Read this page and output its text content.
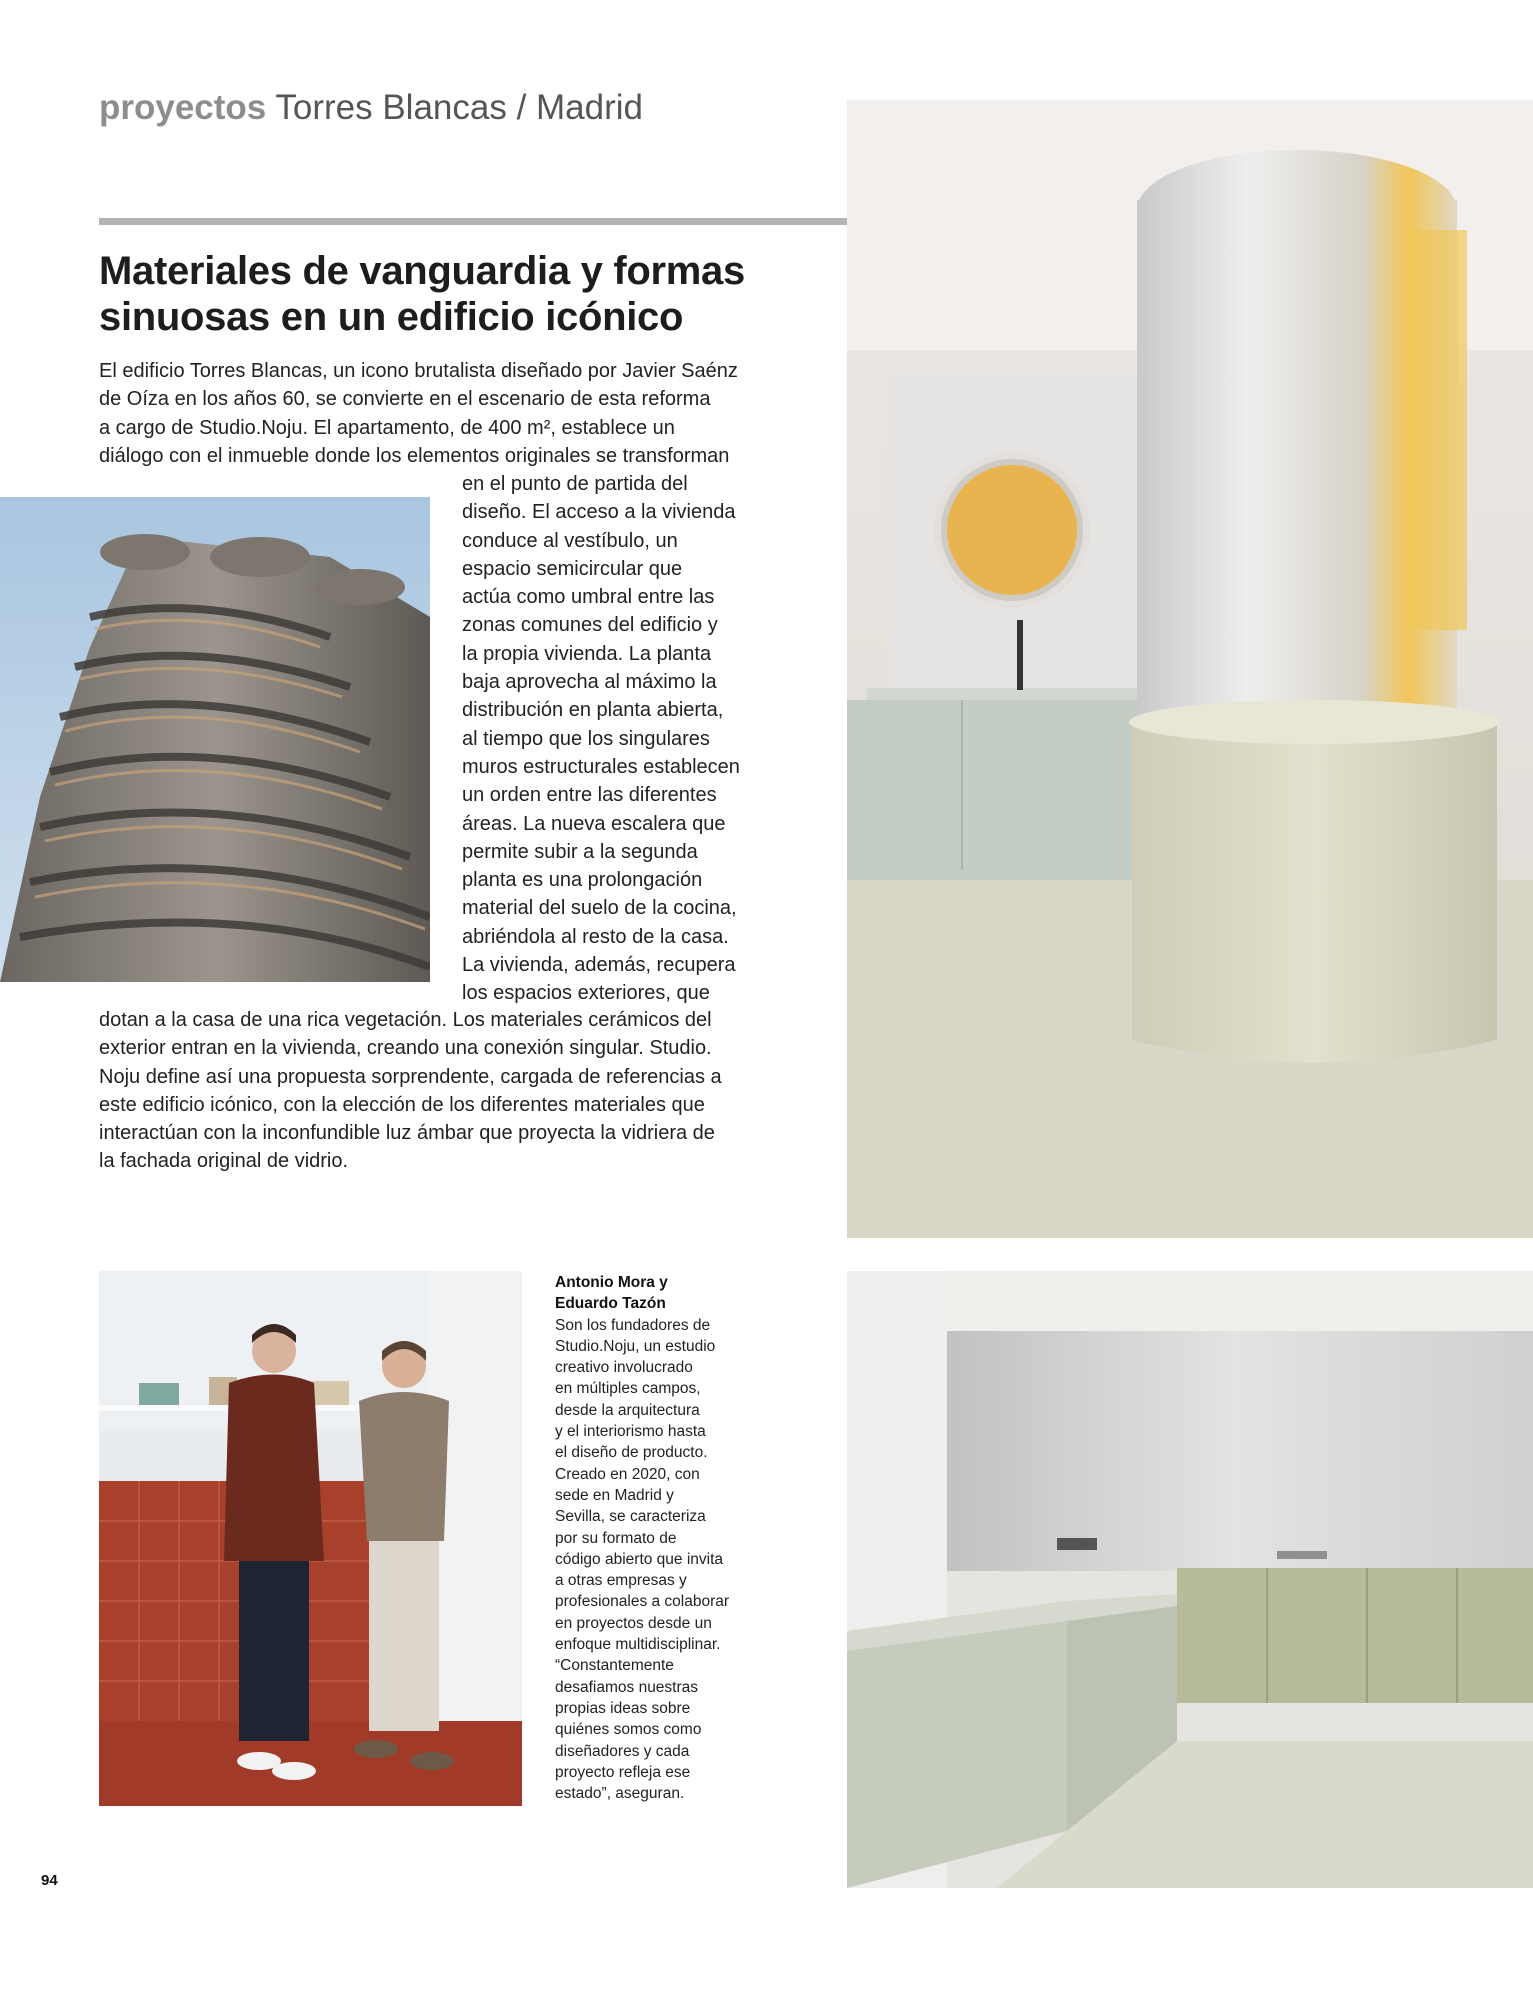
proyectos Torres Blancas / Madrid
Materiales de vanguardia y formas
sinuosas en un edificio icónico
El edificio Torres Blancas, un icono brutalista diseñado por Javier Saénz
de Oíza en los años 60, se convierte en el escenario de esta reforma
a cargo de Studio.Noju. El apartamento, de 400 m², establece un
diálogo con el inmueble donde los elementos originales se transforman
en el punto de partida del
diseño. El acceso a la vivienda
conduce al vestíbulo, un
espacio semicircular que
actúa como umbral entre las
zonas comunes del edificio y
la propia vivienda. La planta
baja aprovecha al máximo la
distribución en planta abierta,
al tiempo que los singulares
muros estructurales establecen
un orden entre las diferentes
áreas. La nueva escalera que
permite subir a la segunda
planta es una prolongación
material del suelo de la cocina,
abriéndola al resto de la casa.
La vivienda, además, recupera
los espacios exteriores, que
dotan a la casa de una rica vegetación. Los materiales cerámicos del
exterior entran en la vivienda, creando una conexión singular. Studio.
Noju define así una propuesta sorprendente, cargada de referencias a
este edificio icónico, con la elección de los diferentes materiales que
interactúan con la inconfundible luz ámbar que proyecta la vidriera de
la fachada original de vidrio.
Antonio Mora y
Eduardo Tazón
Son los fundadores de
Studio.Noju, un estudio
creativo involucrado
en múltiples campos,
desde la arquitectura
y el interiorismo hasta
el diseño de producto.
Creado en 2020, con
sede en Madrid y
Sevilla, se caracteriza
por su formato de
código abierto que invita
a otras empresas y
profesionales a colaborar
en proyectos desde un
enfoque multidisciplinar.
“Constantemente
desafiamos nuestras
propias ideas sobre
quiénes somos como
diseñadores y cada
proyecto refleja ese
estado”, aseguran.
94
